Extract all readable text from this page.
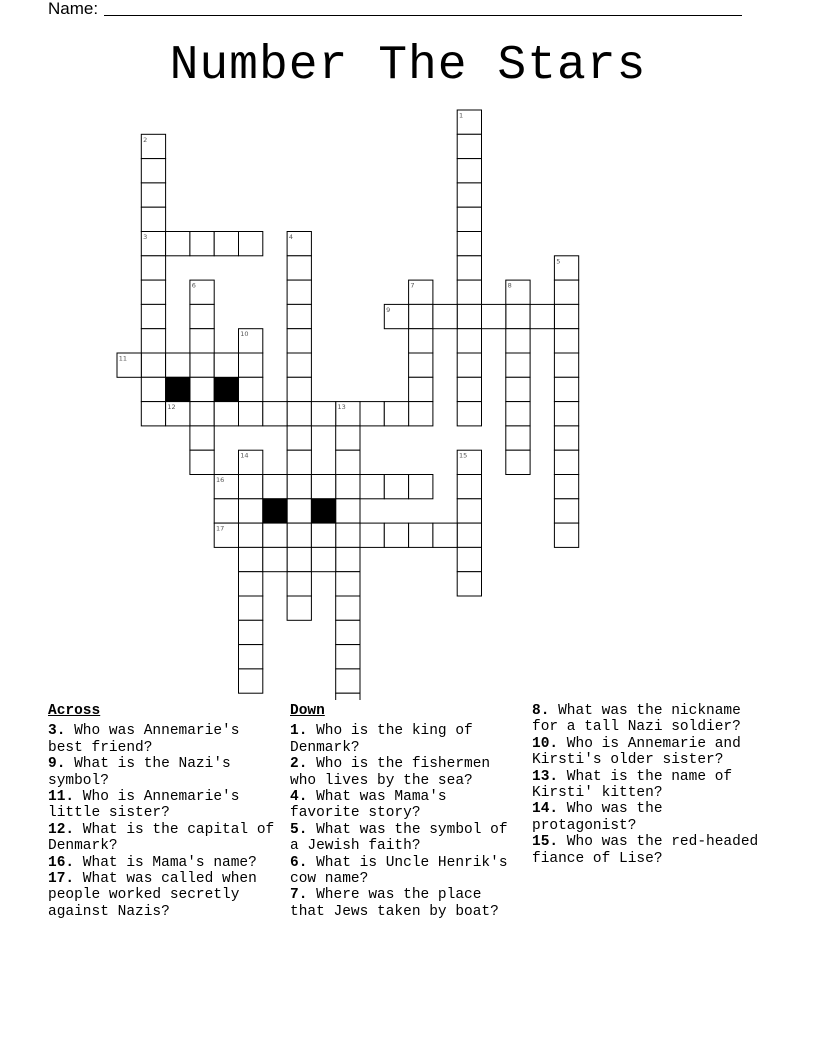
Name:
Number The Stars
1
2
4
5
6	7	8
10
13
14	15
3
9
11
12
16
17
Across
3. Who was Annemarie's best friend?
9. What is the Nazi's symbol?
11. Who is Annemarie's little sister?
12. What is the capital of Denmark?
16. What is Mama's name?
17. What was called when people worked secretly against Nazis?
Down
1. Who is the king of Denmark?
2. Who is the fishermen who lives by the sea?
4. What was Mama's favorite story?
5. What was the symbol of a Jewish faith?
6. What is Uncle Henrik's cow name?
7. Where was the place that Jews taken by boat?
8. What was the nickname for a tall Nazi soldier?
10. Who is Annemarie and Kirsti's older sister?
13. What is the name of Kirsti' kitten?
14. Who was the protagonist?
15. Who was the red-headed fiance of Lise?
